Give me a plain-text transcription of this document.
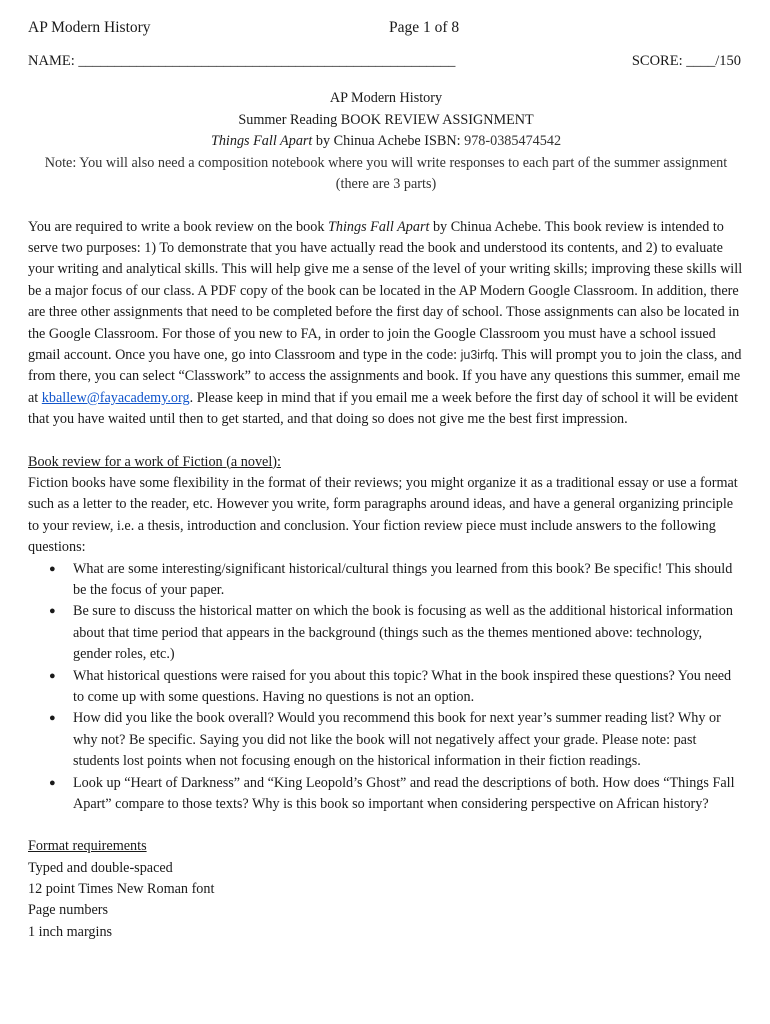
AP Modern History	Page 1 of 8
NAME: ____________________________________________________	SCORE: ____/150
AP Modern History
Summer Reading BOOK REVIEW ASSIGNMENT
Things Fall Apart by Chinua Achebe ISBN: 978-0385474542
Note: You will also need a composition notebook where you will write responses to each part of the summer assignment (there are 3 parts)

You are required to write a book review on the book Things Fall Apart by Chinua Achebe. This book review is intended to serve two purposes: 1) To demonstrate that you have actually read the book and understood its contents, and 2) to evaluate your writing and analytical skills. This will help give me a sense of the level of your writing skills; improving these skills will be a major focus of our class. A PDF copy of the book can be located in the AP Modern Google Classroom. In addition, there are three other assignments that need to be completed before the first day of school. Those assignments can also be located in the Google Classroom. For those of you new to FA, in order to join the Google Classroom you must have a school issued gmail account. Once you have one, go into Classroom and type in the code: ju3irfq. This will prompt you to join the class, and from there, you can select “Classwork” to access the assignments and book. If you have any questions this summer, email me at kballew@fayacademy.org. Please keep in mind that if you email me a week before the first day of school it will be evident that you have waited until then to get started, and that doing so does not give me the best first impression.

Book review for a work of Fiction (a novel):
Fiction books have some flexibility in the format of their reviews; you might organize it as a traditional essay or use a format such as a letter to the reader, etc. However you write, form paragraphs around ideas, and have a general organizing principle to your review, i.e. a thesis, introduction and conclusion. Your fiction review piece must include answers to the following questions:
● What are some interesting/significant historical/cultural things you learned from this book? Be specific! This should be the focus of your paper.
● Be sure to discuss the historical matter on which the book is focusing as well as the additional historical information about that time period that appears in the background (things such as the themes mentioned above: technology, gender roles, etc.)
● What historical questions were raised for you about this topic? What in the book inspired these questions? You need to come up with some questions. Having no questions is not an option.
● How did you like the book overall? Would you recommend this book for next year’s summer reading list? Why or why not? Be specific. Saying you did not like the book will not negatively affect your grade. Please note: past students lost points when not focusing enough on the historical information in their fiction readings.
● Look up “Heart of Darkness” and “King Leopold’s Ghost” and read the descriptions of both. How does “Things Fall Apart” compare to those texts? Why is this book so important when considering perspective on African history?
Format requirements
Typed and double-spaced
12 point Times New Roman font
Page numbers
1 inch margins
